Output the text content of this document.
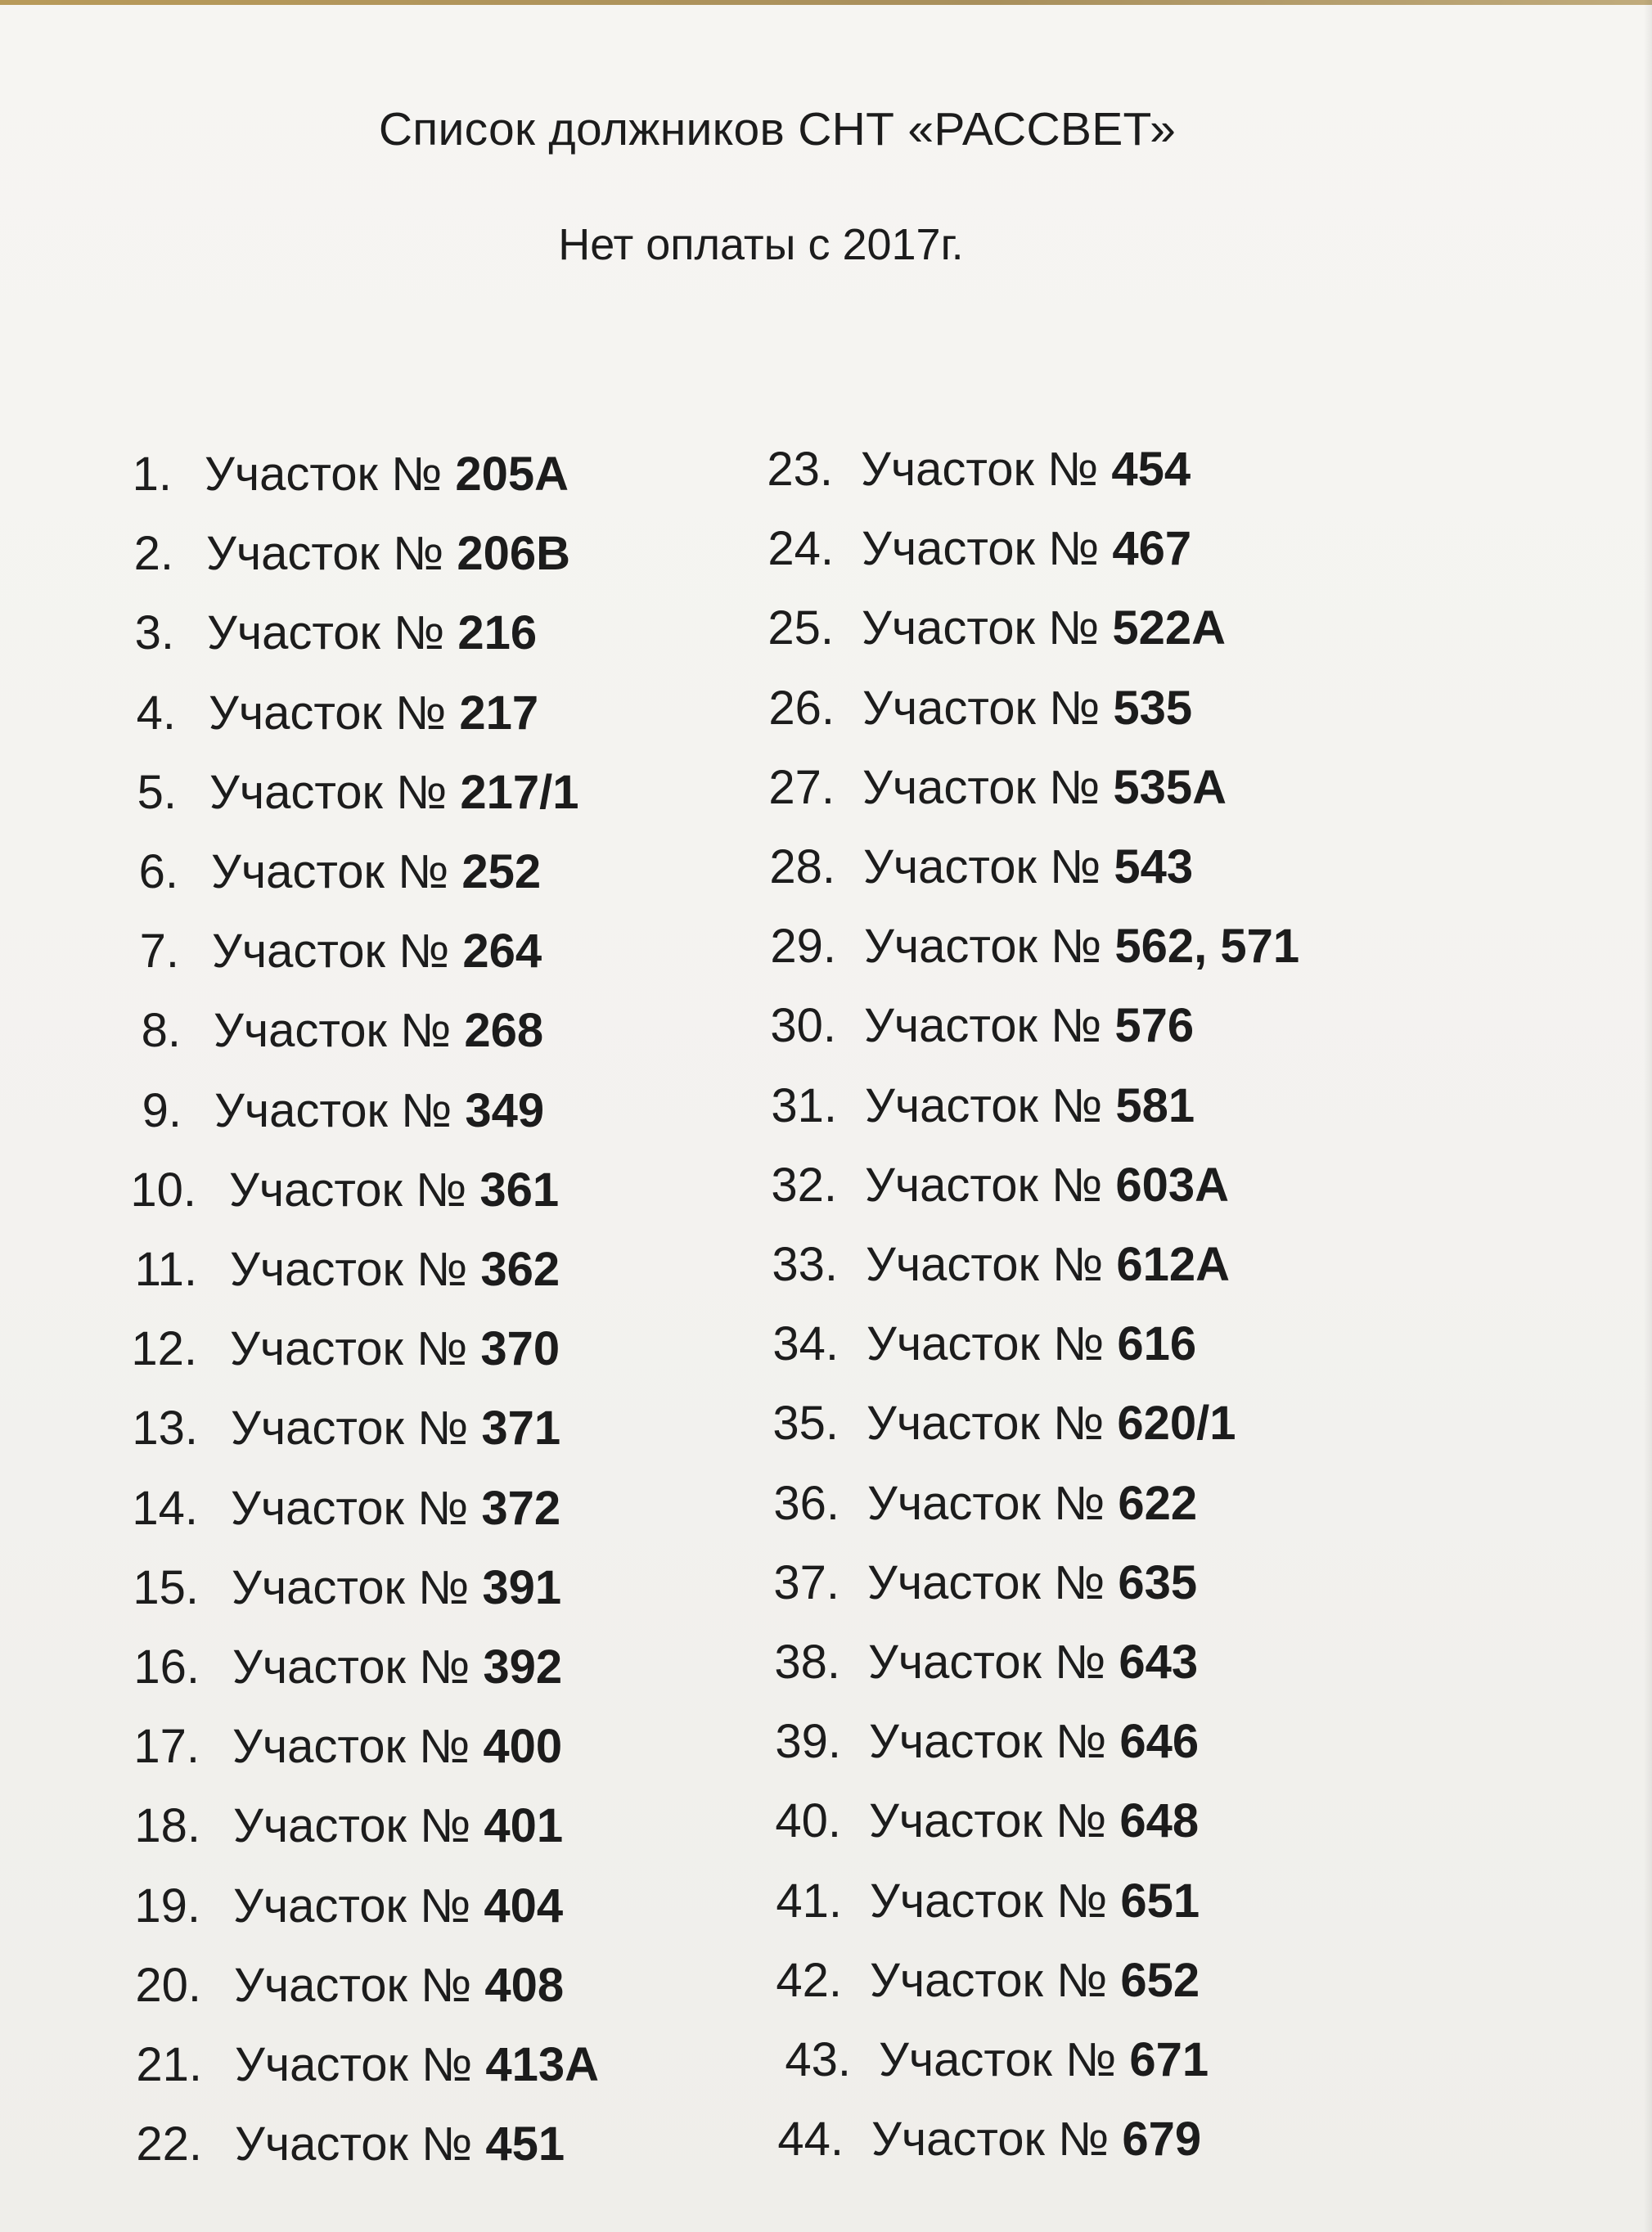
Список должников СНТ «РАССВЕТ»
Нет оплаты с 2017г.
1. Участок № 205А
2. Участок № 206В
3. Участок № 216
4. Участок № 217
5. Участок № 217/1
6. Участок № 252
7. Участок № 264
8. Участок № 268
9. Участок № 349
10. Участок № 361
11. Участок № 362
12. Участок № 370
13. Участок № 371
14. Участок № 372
15. Участок № 391
16. Участок № 392
17. Участок № 400
18. Участок № 401
19. Участок № 404
20. Участок № 408
21. Участок № 413А
22. Участок № 451
23. Участок № 454
24. Участок № 467
25. Участок № 522А
26. Участок № 535
27. Участок № 535А
28. Участок № 543
29. Участок № 562, 571
30. Участок № 576
31. Участок № 581
32. Участок № 603А
33. Участок № 612А
34. Участок № 616
35. Участок № 620/1
36. Участок № 622
37. Участок № 635
38. Участок № 643
39. Участок № 646
40. Участок № 648
41. Участок № 651
42. Участок № 652
43. Участок № 671
44. Участок № 679
